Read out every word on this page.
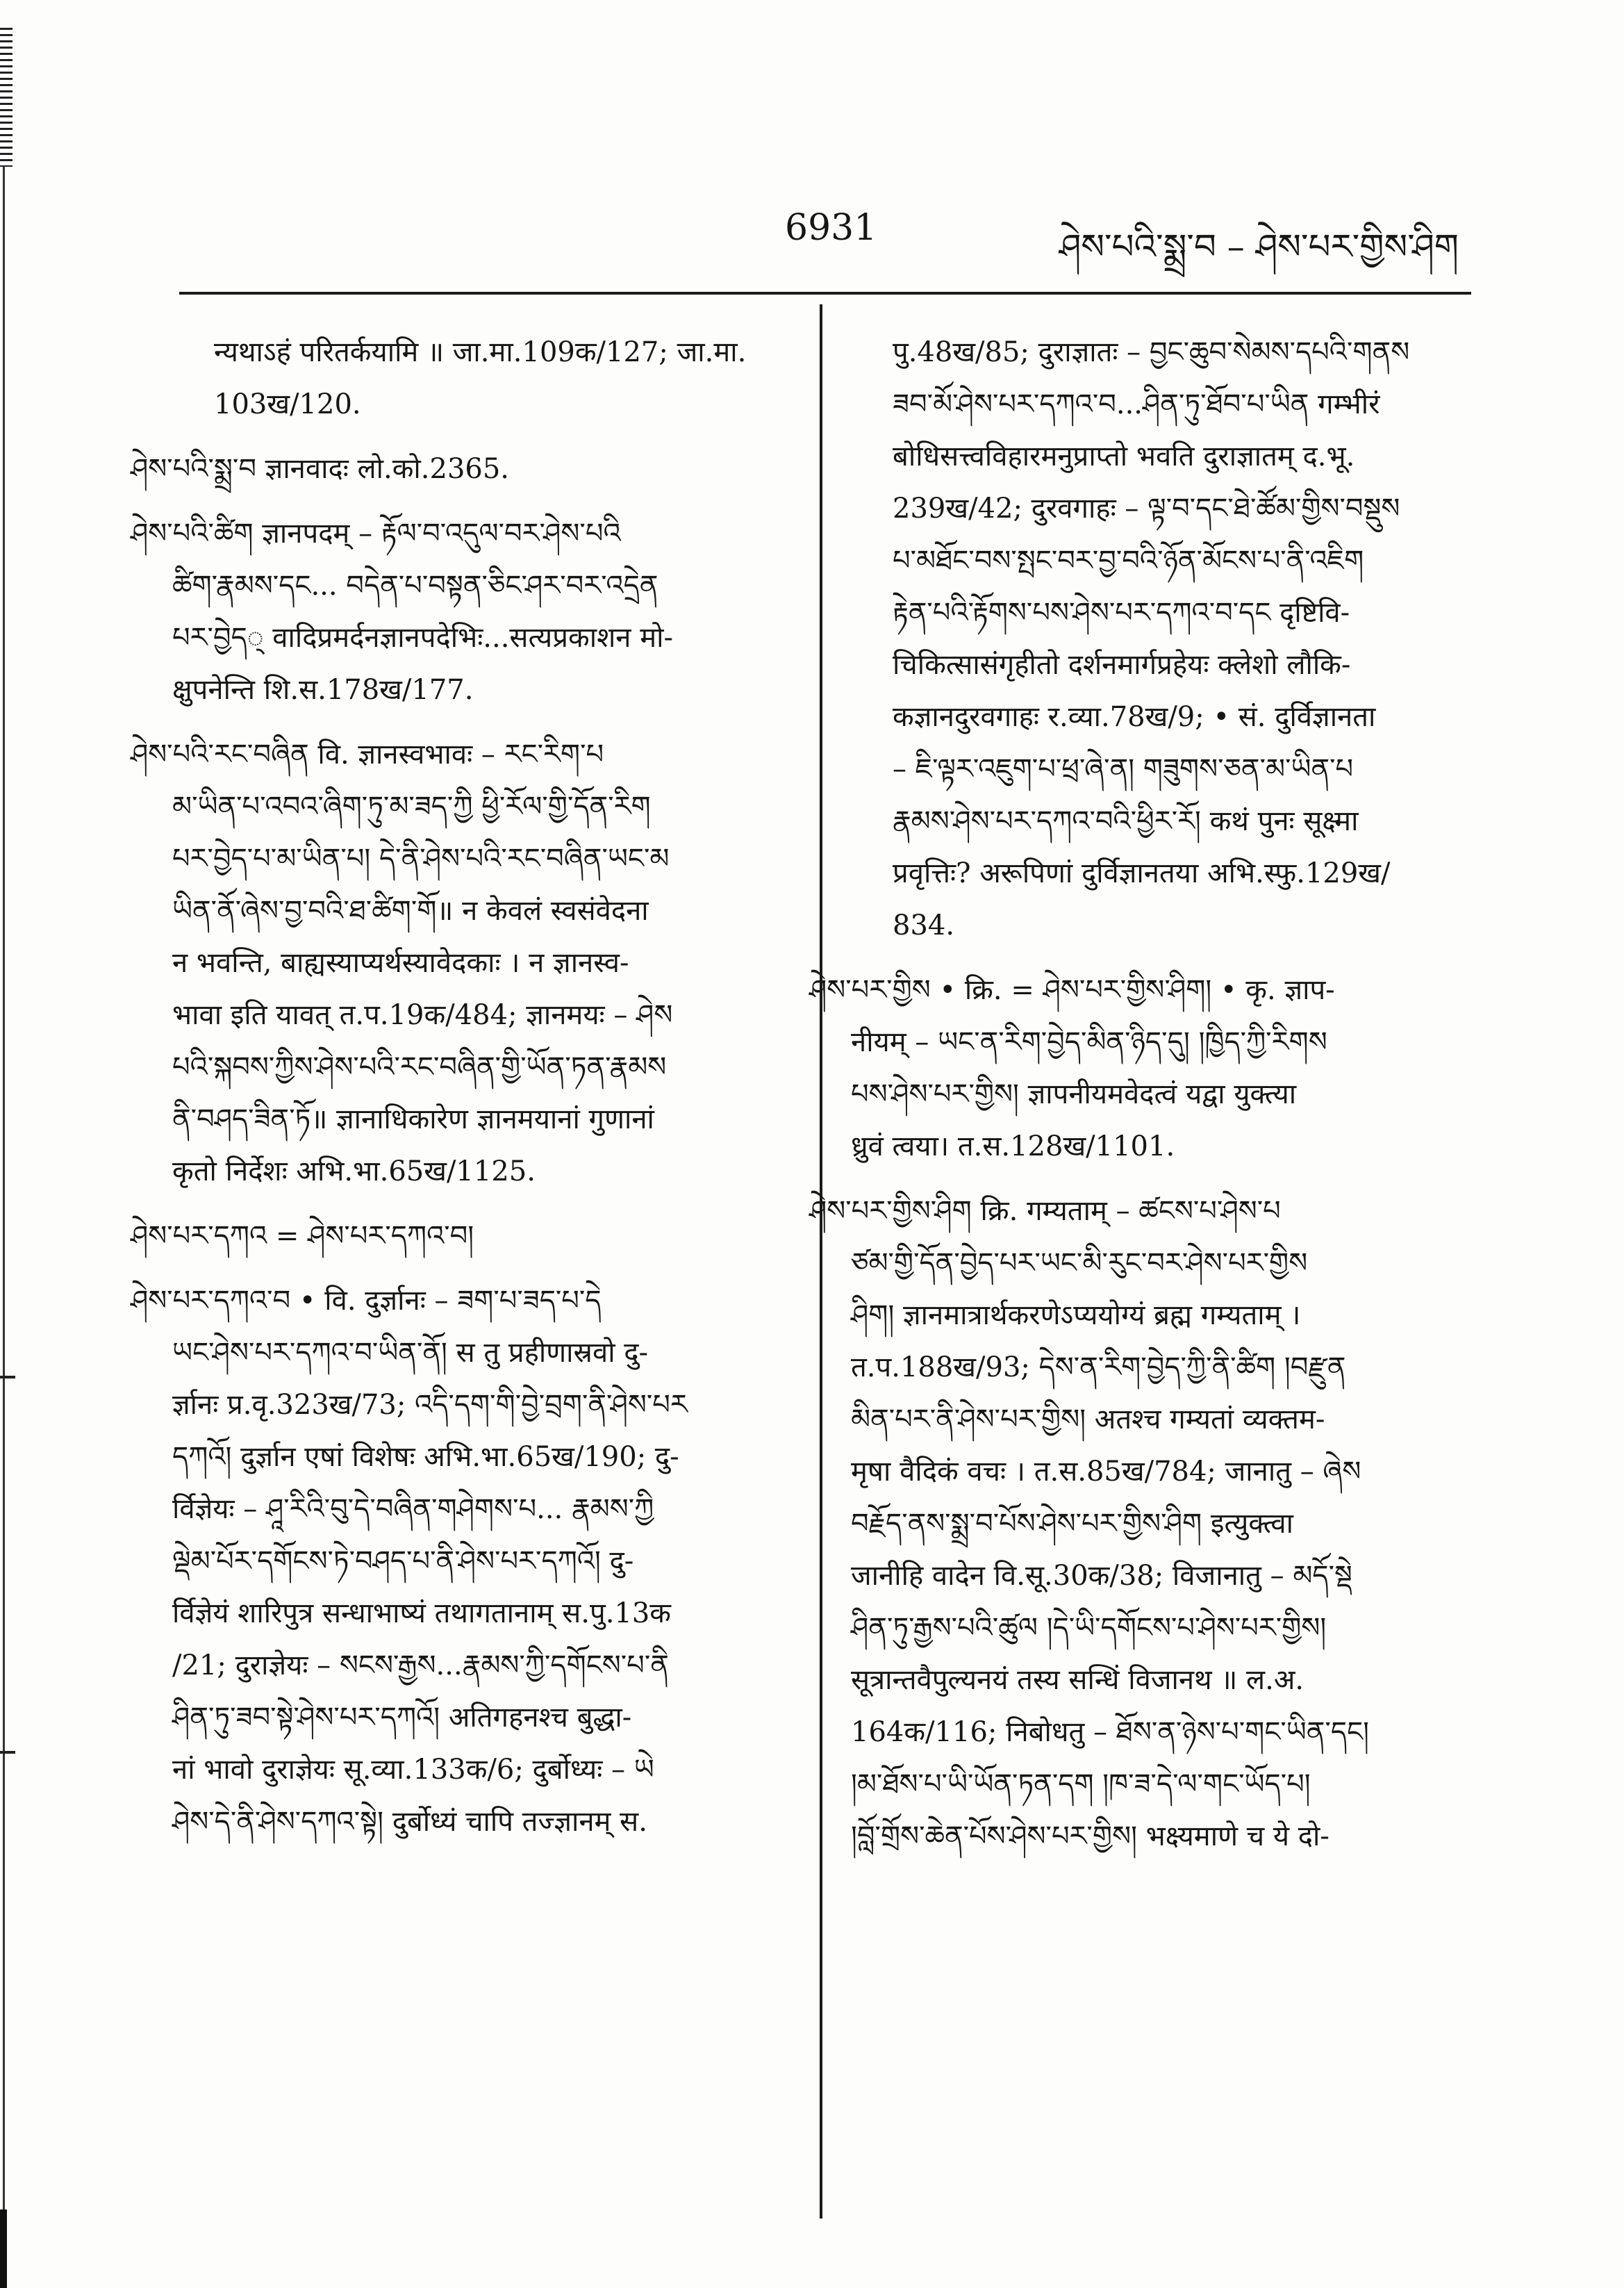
6931	ཤེས་པའི་སྨྲ་བ – ཤེས་པར་གྱིས་ཤིག
न्यथाऽहं परितर्कयामि ॥ जा.मा.109क/127; जा.मा.
103ख/120.
ཤེས་པའི་སྨྲ་བ ज्ञानवादः लो.को.2365.
ཤེས་པའི་ཚིག ज्ञानपदम् – རྟོལ་བ་འདུལ་བར་ཤེས་པའི
ཚིག་རྣམས་དང... བདེན་པ་བསྟན་ཅིང་ཤར་བར་འདྲེན
པར་བྱེད् वादिप्रमर्दनज्ञानपदेभिः...सत्यप्रकाशन मो-
क्षुपनेन्ति शि.स.178ख/177.
ཤེས་པའི་རང་བཞིན वि. ज्ञानस्वभावः – རང་རིག་པ
མ་ཡིན་པ་འབའ་ཞིག་ཏུ་མ་ཟད་ཀྱི ཕྱི་རོལ་གྱི་དོན་རིག
པར་བྱེད་པ་མ་ཡིན་པ། དེ་ནི་ཤེས་པའི་རང་བཞིན་ཡང་མ
ཡིན་ནོ་ཞེས་བྱ་བའི་ཐ་ཚིག་གོ॥ न केवलं स्वसंवेदना
न भवन्ति, बाह्यस्याप्यर्थस्यावेदकाः । न ज्ञानस्व-
भावा इति यावत् त.प.19क/484; ज्ञानमयः – ཤེས
པའི་སྐབས་ཀྱིས་ཤེས་པའི་རང་བཞིན་གྱི་ཡོན་ཏན་རྣམས
ནི་བཤད་ཟིན་ཏོ॥ ज्ञानाधिकारेण ज्ञानमयानां गुणानां
कृतो निर्देशः अभि.भा.65ख/1125.
ཤེས་པར་དཀའ = ཤེས་པར་དཀའ་བ།
ཤེས་པར་དཀའ་བ • वि. दुर्ज्ञानः – ཟག་པ་ཟད་པ་དེ
ཡང་ཤེས་པར་དཀའ་བ་ཡིན་ནོ། स तु प्रहीणास्रवो दु-
र्ज्ञानः प्र.वृ.323ख/73; འདི་དག་གི་བྱེ་བྲག་ནི་ཤེས་པར
དཀའོ། दुर्ज्ञान एषां विशेषः अभि.भा.65ख/190; दु-
र्विज्ञेयः – ཤཱ་རིའི་བུ་དེ་བཞིན་གཤེགས་པ... རྣམས་ཀྱི
ལྡེམ་པོར་དགོངས་ཏེ་བཤད་པ་ནི་ཤེས་པར་དཀའོ། दु-
र्विज्ञेयं शारिपुत्र सन्धाभाष्यं तथागतानाम् स.पु.13क
/21; दुराज्ञेयः – སངས་རྒྱས...རྣམས་ཀྱི་དགོངས་པ་ནི
ཤིན་ཏུ་ཟབ་སྟེ་ཤེས་པར་དཀའོ། अतिगहनश्च बुद्धा-
नां भावो दुराज्ञेयः सू.व्या.133क/6; दुर्बोध्यः – ཡེ
ཤེས་དེ་ནི་ཤེས་དཀའ་སྟེ། दुर्बोध्यं चापि तज्ज्ञानम् स.
पु.48ख/85; दुराज्ञातः – བྱང་ཆུབ་སེམས་དཔའི་གནས
ཟབ་མོ་ཤེས་པར་དཀའ་བ...ཤིན་ཏུ་ཐོབ་པ་ཡིན गम्भीरं
बोधिसत्त्वविहारमनुप्राप्तो भवति दुराज्ञातम् द.भू.
239ख/42; दुरवगाहः – ལྟ་བ་དང་ཐེ་ཚོམ་གྱིས་བསྡུས
པ་མཐོང་བས་སྤང་བར་བྱ་བའི་ཉོན་མོངས་པ་ནི་འཇིག
རྟེན་པའི་རྟོགས་པས་ཤེས་པར་དཀའ་བ་དང दृष्टिवि-
चिकित्सासंगृहीतो दर्शनमार्गप्रहेयः क्लेशो लौकि-
कज्ञानदुरवगाहः र.व्या.78ख/9; • सं. दुर्विज्ञानता
– ཇི་ལྟར་འཇུག་པ་ཕྲ་ཞེ་ན། གཟུགས་ཅན་མ་ཡིན་པ
རྣམས་ཤེས་པར་དཀའ་བའི་ཕྱིར་རོ། कथं पुनः सूक्ष्मा
प्रवृत्तिः? अरूपिणां दुर्विज्ञानतया अभि.स्फु.129ख/
834.
ཤེས་པར་གྱིས • क्रि. = ཤེས་པར་གྱིས་ཤིག། • कृ. ज्ञाप-
नीयम् – ཡང་ན་རིག་བྱེད་མིན་ཉིད་དུ། །ཁྱིད་ཀྱི་རིགས
པས་ཤེས་པར་གྱིས། ज्ञापनीयमवेदत्वं यद्वा युक्त्या
ध्रुवं त्वया। त.स.128ख/1101.
ཤེས་པར་གྱིས་ཤིག क्रि. गम्यताम् – ཚངས་པ་ཤེས་པ
ཙམ་གྱི་དོན་བྱེད་པར་ཡང་མི་རུང་བར་ཤེས་པར་གྱིས
ཤིག། ज्ञानमात्रार्थकरणेऽप्ययोग्यं ब्रह्म गम्यताम् ।
त.प.188ख/93; དེས་ན་རིག་བྱེད་ཀྱི་ནི་ཚིག །བརྫུན
མིན་པར་ནི་ཤེས་པར་གྱིས། अतश्च गम्यतां व्यक्तम-
मृषा वैदिकं वचः । त.स.85ख/784; जानातु – ཞེས
བརྗོད་ནས་སྨྲ་བ་པོས་ཤེས་པར་གྱིས་ཤིག इत्युक्त्वा
जानीहि वादेन वि.सू.30क/38; विजानातु – མདོ་སྡེ
ཤིན་ཏུ་རྒྱས་པའི་ཚུལ །དེ་ཡི་དགོངས་པ་ཤེས་པར་གྱིས།
सूत्रान्तवैपुल्यनयं तस्य सन्धिं विजानथ ॥ ल.अ.
164क/116; निबोधतु – ཐོས་ན་ཉེས་པ་གང་ཡིན་དང།
།མ་ཐོས་པ་ཡི་ཡོན་ཏན་དག །ཁ་ཟ་དེ་ལ་གང་ཡོད་པ།
།བློ་གྲོས་ཆེན་པོས་ཤེས་པར་གྱིས། भक्ष्यमाणे च ये दो-
